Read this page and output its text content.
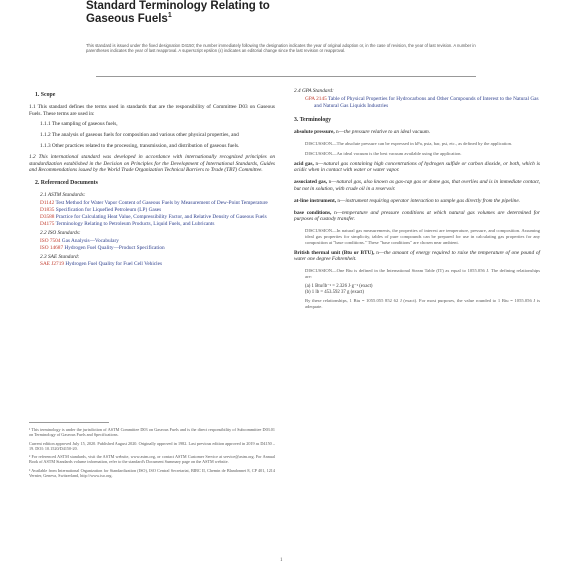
Standard Terminology Relating to
Gaseous Fuels$^1$
This standard is issued under the fixed designation D4150; the number immediately following the designation indicates the year of original adoption or, in the case of revision, the year of last revision. A number in parentheses indicates the year of last reapproval. A superscript epsilon (ε) indicates an editorial change since the last revision or reapproval.
1. Scope
1.1 This standard defines the terms used in standards that are the responsibility of Committee D03 on Gaseous Fuels. These terms are used in:
1.1.1 The sampling of gaseous fuels,
1.1.2 The analysis of gaseous fuels for composition and various other physical properties, and
1.1.3 Other practices related to the processing, transmission, and distribution of gaseous fuels.
1.2 This international standard was developed in accordance with internationally recognized principles on standardization established in the Decision on Principles for the Development of International Standards, Guides and Recommendations issued by the World Trade Organization Technical Barriers to Trade (TBT) Committee.
2. Referenced Documents
2.1 ASTM Standards:
D1142 Test Method for Water Vapor Content of Gaseous Fuels by Measurement of Dew-Point Temperature
D1835 Specification for Liquefied Petroleum (LP) Gases
D3588 Practice for Calculating Heat Value, Compressibility Factor, and Relative Density of Gaseous Fuels
D4175 Terminology Relating to Petroleum Products, Liquid Fuels, and Lubricants
2.2 ISO Standards:
ISO 7504 Gas Analysis—Vocabulary
ISO 14687 Hydrogen Fuel Quality—Product Specification
2.3 SAE Standard:
SAE J2719 Hydrogen Fuel Quality for Fuel Cell Vehicles
¹ This terminology is under the jurisdiction of ASTM Committee D03 on Gaseous Fuels and is the direct responsibility of Subcommittee D03.01 on Terminology of Gaseous Fuels and Specifications.
Current edition approved July 15, 2020. Published August 2020. Originally approved in 1982. Last previous edition approved in 2019 as D4150 – 19. DOI: 10.1520/D4150-20.
² For referenced ASTM standards, visit the ASTM website, www.astm.org, or contact ASTM Customer Service at service@astm.org. For Annual Book of ASTM Standards volume information, refer to the standard's Document Summary page on the ASTM website.
³ Available from International Organization for Standardization (ISO), ISO Central Secretariat, BIBC II, Chemin de Blandonnet 8, CP 401, 1214 Vernier, Geneva, Switzerland, http://www.iso.org.
2.4 GPA Standard:
GPA 2145 Table of Physical Properties for Hydrocarbons and Other Compounds of Interest to the Natural Gas and Natural Gas Liquids Industries
3. Terminology
absolute pressure, n—the pressure relative to an ideal vacuum.
DISCUSSION—The absolute pressure can be expressed in kPa, psia, bar, psi, etc., as defined by the application.
DISCUSSION—An ideal vacuum is the best vacuum available using the application.
acid gas, n—natural gas containing high concentrations of hydrogen sulfide or carbon dioxide, or both, which is acidic when in contact with water or water vapor.
associated gas, n—natural gas, also known as gas-cap gas or dome gas, that overlies and is in immediate contact, but not in solution, with crude oil in a reservoir.
at-line instrument, n—instrument requiring operator interaction to sample gas directly from the pipeline.
base conditions, n—temperature and pressure conditions at which natural gas volumes are determined for purposes of custody transfer.
DISCUSSION—In natural gas measurements, the properties of interest are temperature, pressure, and composition. Assuming ideal gas properties for simplicity, tables of pure compounds can be prepared for use in calculating gas properties for any composition at "base conditions." These "base conditions" are chosen near ambient.
British thermal unit (Btu or BTU), n—the amount of energy required to raise the temperature of one pound of water one degree Fahrenheit.
DISCUSSION—One Btu is defined in the International Steam Table (IT) as equal to 1055.056 J. The defining relationships are:
(a) 1 Btu/lb⁻¹ = 2.326 J·g⁻¹ (exact)
(b) 1 lb = 453.592 37 g (exact)
By these relationships, 1 Btu = 1055.055 852 62 J (exact). For most purposes, the value rounded to 1 Btu = 1055.056 J is adequate.
1
